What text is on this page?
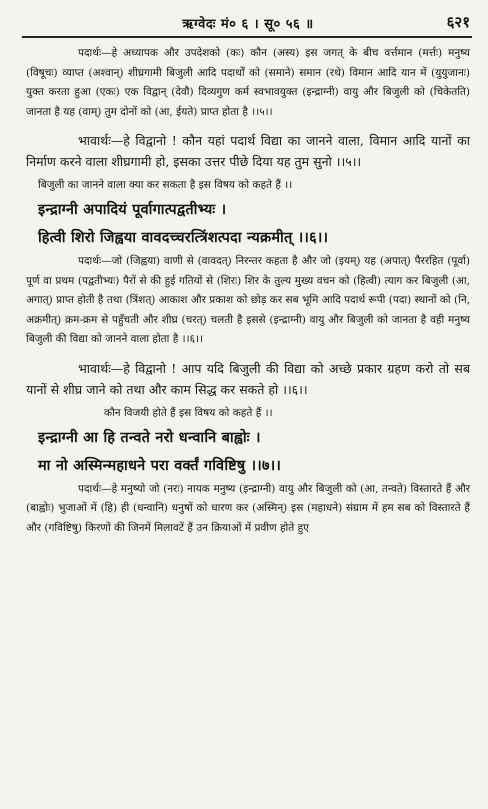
ऋग्वेदः मं० ६ । सू० ५६ ॥	६२१

पदार्थः—हे अध्यापक और उपदेशको (कः) कौन (अस्य) इस जगत् के बीच वर्त्तमान (मर्त्तः) मनुष्य (विषूचः) व्याप्त (अश्वान्) शीघ्रगामी बिजुली आदि पदार्थों को (समाने) समान (रथे) विमान आदि यान में (युयुजानः) युक्त करता हुआ (एकः) एक विद्वान् (देवौ) दिव्यगुण कर्म स्वभावयुक्त (इन्द्राग्नी) वायु और बिजुली को (चिकेतति) जानता है यह (वाम्) तुम दोनों को (आ, ईयते) प्राप्त होता है ।।५।।

भावार्थः—हे विद्वानो ! कौन यहां पदार्थ विद्या का जानने वाला, विमान आदि यानों का निर्माण करने वाला शीघ्रगामी हो, इसका उत्तर पीछे दिया यह तुम सुनो ।।५।।

बिजुली का जानने वाला क्या कर सकता है इस विषय को कहते हैं ।।

इन्द्राग्नी अपादियं पूर्वागात्पद्वतीभ्यः ।

हित्वी शिरो जिह्वया वावदच्चरत्त्रिंशत्पदा न्यक्रमीत् ।।६।।

पदार्थः—जो (जिह्वया) वाणी से (वावदत्) निरन्तर कहता है और जो (इयम्) यह (अपात्) पैररहित (पूर्वा) पूर्ण वा प्रथम (पद्वतीभ्यः) पैरों से की हुई गतियों से (शिरः) शिर के तुल्य मुख्य वचन को (हित्वी) त्याग कर बिजुली (आ, अगात्) प्राप्त होती है तथा (त्रिंशत्) आकाश और प्रकाश को छोड़ कर सब भूमि आदि पदार्थ रूपी (पदा) स्थानों को (नि, अक्रमीत्) क्रम-क्रम से पहुँचती और शीघ्र (चरत्) चलती है इससे (इन्द्राग्नी) वायु और बिजुली को जानता है वही मनुष्य बिजुली की विद्या को जानने वाला होता है ।।६।।

भावार्थः—हे विद्वानो ! आप यदि बिजुली की विद्या को अच्छे प्रकार ग्रहण करो तो सब यानों से शीघ्र जाने को तथा और काम सिद्ध कर सकते हो ।।६।।

कौन विजयी होते हैं इस विषय को कहते हैं ।।

इन्द्राग्नी आ हि तन्वते नरो धन्वानि बाह्वोः ।

मा नो अस्मिन्महाधने परा वर्क्तं गविष्टिषु ।।७।।

पदार्थः—हे मनुष्यो जो (नरः) नायक मनुष्य (इन्द्राग्नी) वायु और बिजुली को (आ, तन्वते) विस्तारते हैं और (बाह्वोः) भुजाओं में (हि) ही (धन्वानि) धनुषों को धारण कर (अस्मिन्) इस (महाधने) संग्राम में हम सब को विस्तारते हैं और (गविष्टिषु) किरणों की जिनमें मिलावटें हैं उन क्रियाओं में प्रवीण होते हुए
